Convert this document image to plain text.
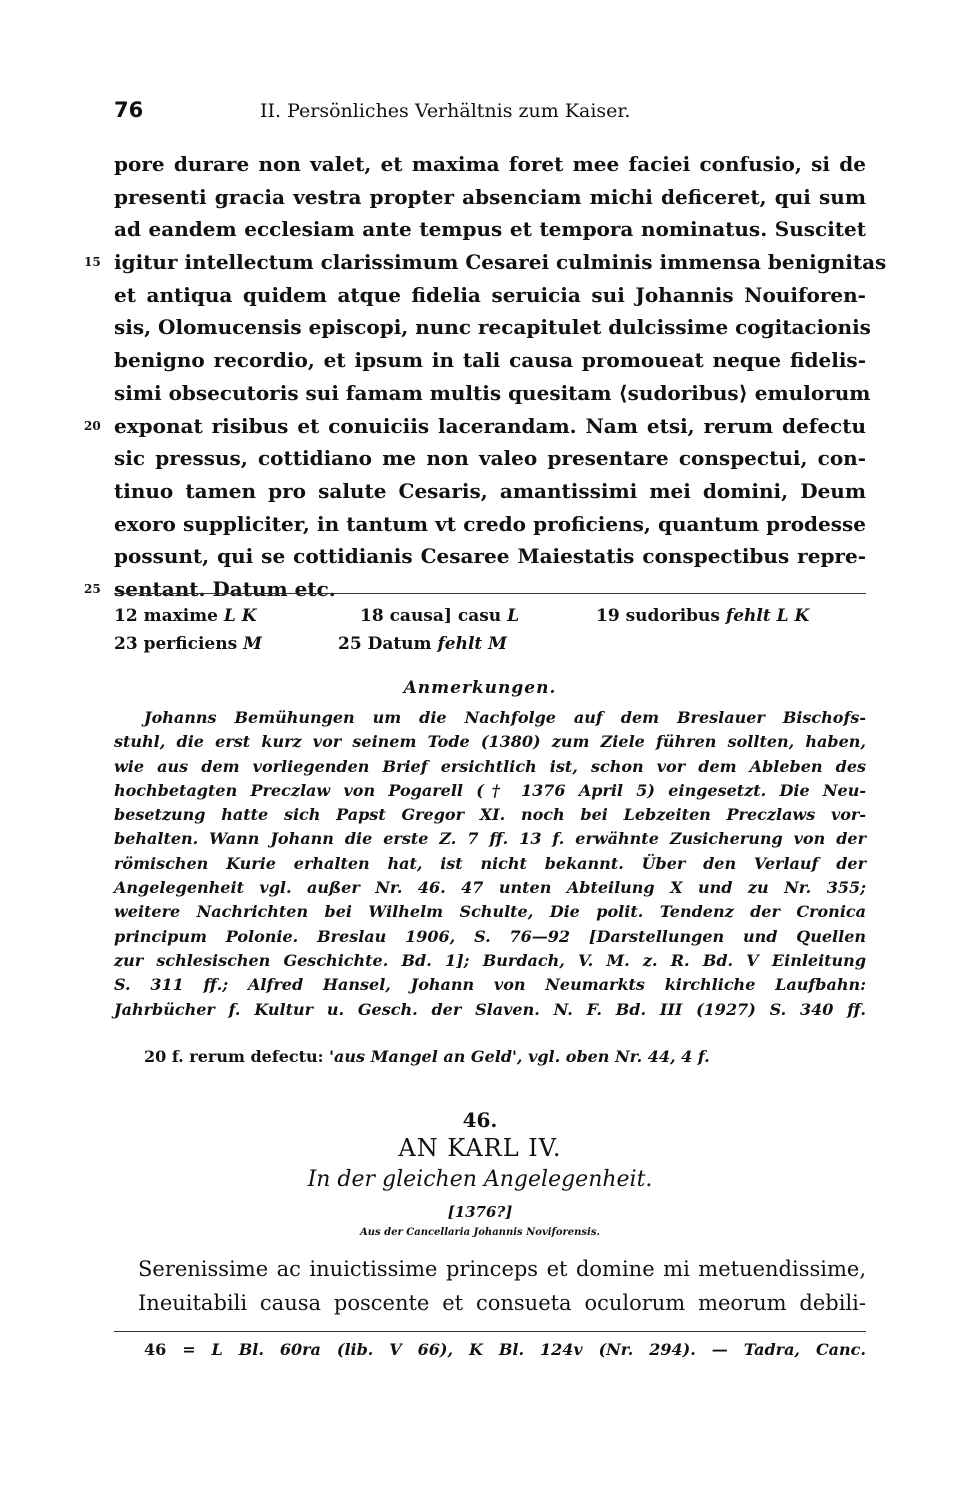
76	II. Persönliches Verhältnis zum Kaiser.
pore durare non valet, et maxima foret mee faciei confusio, si de
presenti gracia vestra propter absenciam michi deficeret, qui sum
ad eandem ecclesiam ante tempus et tempora nominatus. Suscitet
15 igitur intellectum clarissimum Cesarei culminis immensa benignitas
et antiqua quidem atque fidelia seruicia sui Johannis Nouiforen-
sis, Olomucensis episcopi, nunc recapitulet dulcissime cogitacionis
benigno recordio, et ipsum in tali causa promoueat neque fidelis-
simi obsecutoris sui famam multis quesitam ⟨sudoribus⟩ emulorum
20 exponat risibus et conuiciis lacerandam. Nam etsi, rerum defectu
sic pressus, cottidiano me non valeo presentare conspectui, con-
tinuo tamen pro salute Cesaris, amantissimi mei domini, Deum
exoro suppliciter, in tantum vt credo proficiens, quantum prodesse
possunt, qui se cottidianis Cesaree Maiestatis conspectibus repre-
25 sentant. Datum etc.
12 maxime L K	18 causa] casu L	19 sudoribus fehlt L K
23 perficiens M	25 Datum fehlt M
Anmerkungen.
Johanns Bemühungen um die Nachfolge auf dem Breslauer Bischofs-
stuhl, die erst kurz vor seinem Tode (1380) zum Ziele führen sollten, haben,
wie aus dem vorliegenden Brief ersichtlich ist, schon vor dem Ableben des
hochbetagten Preczlaw von Pogarell († 1376 April 5) eingesetzt. Die Neu-
besetzung hatte sich Papst Gregor XI. noch bei Lebzeiten Preczlaws vor-
behalten. Wann Johann die erste Z. 7 ff. 13 f. erwähnte Zusicherung von der
römischen Kurie erhalten hat, ist nicht bekannt. Über den Verlauf der
Angelegenheit vgl. außer Nr. 46. 47 unten Abteilung X und zu Nr. 355;
weitere Nachrichten bei Wilhelm Schulte, Die polit. Tendenz der Cronica
principum Polonie. Breslau 1906, S. 76—92 [Darstellungen und Quellen
zur schlesischen Geschichte. Bd. 1]; Burdach, V. M. z. R. Bd. V Einleitung
S. 311 ff.; Alfred Hansel, Johann von Neumarkts kirchliche Laufbahn:
Jahrbücher f. Kultur u. Gesch. der Slaven. N. F. Bd. III (1927) S. 340 ff.
20 f. rerum defectu: 'aus Mangel an Geld', vgl. oben Nr. 44, 4 f.
46.
AN KARL IV.
In der gleichen Angelegenheit.
[1376?]
Aus der Cancellaria Johannis Noviforensis.
Serenissime ac inuictissime princeps et domine mi metuendissime,
Ineuitabili causa poscente et consueta oculorum meorum debili-
46 = L Bl. 60ra (lib. V 66), K Bl. 124v (Nr. 294). — Tadra, Canc.
